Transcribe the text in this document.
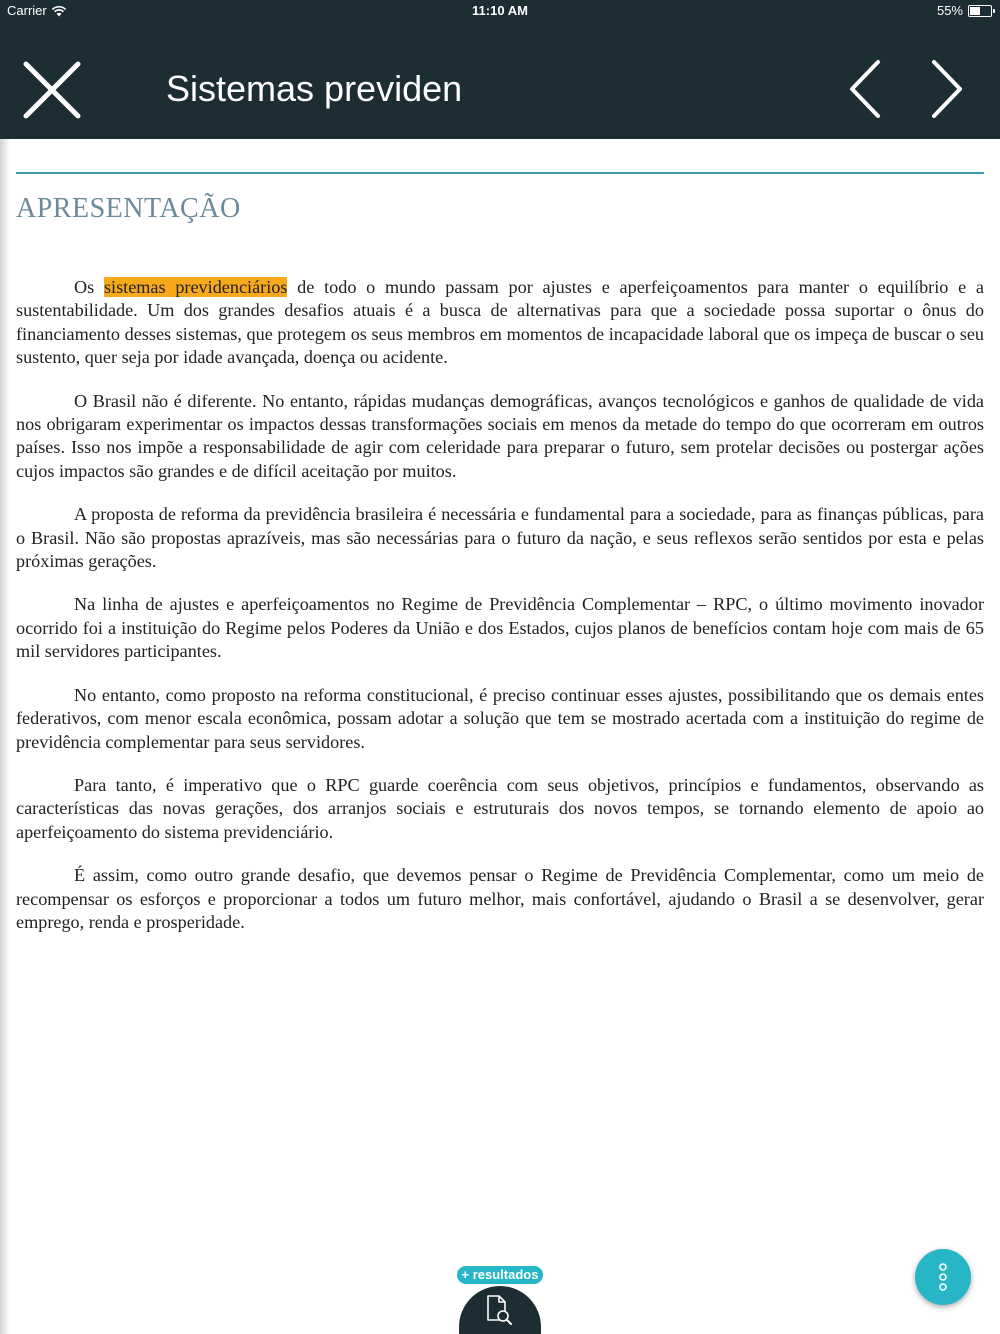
Carrier	11:10 AM	55%
Sistemas previden
APRESENTAÇÃO

Os sistemas previdenciários de todo o mundo passam por ajustes e aperfeiçoamentos para manter o equilíbrio e a sustentabilidade. Um dos grandes desafios atuais é a busca de alternativas para que a sociedade possa suportar o ônus do financiamento desses sistemas, que protegem os seus membros em momentos de incapacidade laboral que os impeça de buscar o seu sustento, quer seja por idade avançada, doença ou acidente.

O Brasil não é diferente. No entanto, rápidas mudanças demográficas, avanços tecnológicos e ganhos de qualidade de vida nos obrigaram experimentar os impactos dessas transformações sociais em menos da metade do tempo do que ocorreram em outros países. Isso nos impõe a responsabilidade de agir com celeridade para preparar o futuro, sem protelar decisões ou postergar ações cujos impactos são grandes e de difícil aceitação por muitos.

A proposta de reforma da previdência brasileira é necessária e fundamental para a sociedade, para as finanças públicas, para o Brasil. Não são propostas aprazíveis, mas são necessárias para o futuro da nação, e seus reflexos serão sentidos por esta e pelas próximas gerações.

Na linha de ajustes e aperfeiçoamentos no Regime de Previdência Complementar – RPC, o último movimento inovador ocorrido foi a instituição do Regime pelos Poderes da União e dos Estados, cujos planos de benefícios contam hoje com mais de 65 mil servidores participantes.

No entanto, como proposto na reforma constitucional, é preciso continuar esses ajustes, possibilitando que os demais entes federativos, com menor escala econômica, possam adotar a solução que tem se mostrado acertada com a instituição do regime de previdência complementar para seus servidores.

Para tanto, é imperativo que o RPC guarde coerência com seus objetivos, princípios e fundamentos, observando as características das novas gerações, dos arranjos sociais e estruturais dos novos tempos, se tornando elemento de apoio ao aperfeiçoamento do sistema previdenciário.

É assim, como outro grande desafio, que devemos pensar o Regime de Previdência Complementar, como um meio de recompensar os esforços e proporcionar a todos um futuro melhor, mais confortável, ajudando o Brasil a se desenvolver, gerar emprego, renda e prosperidade.

+ resultados
